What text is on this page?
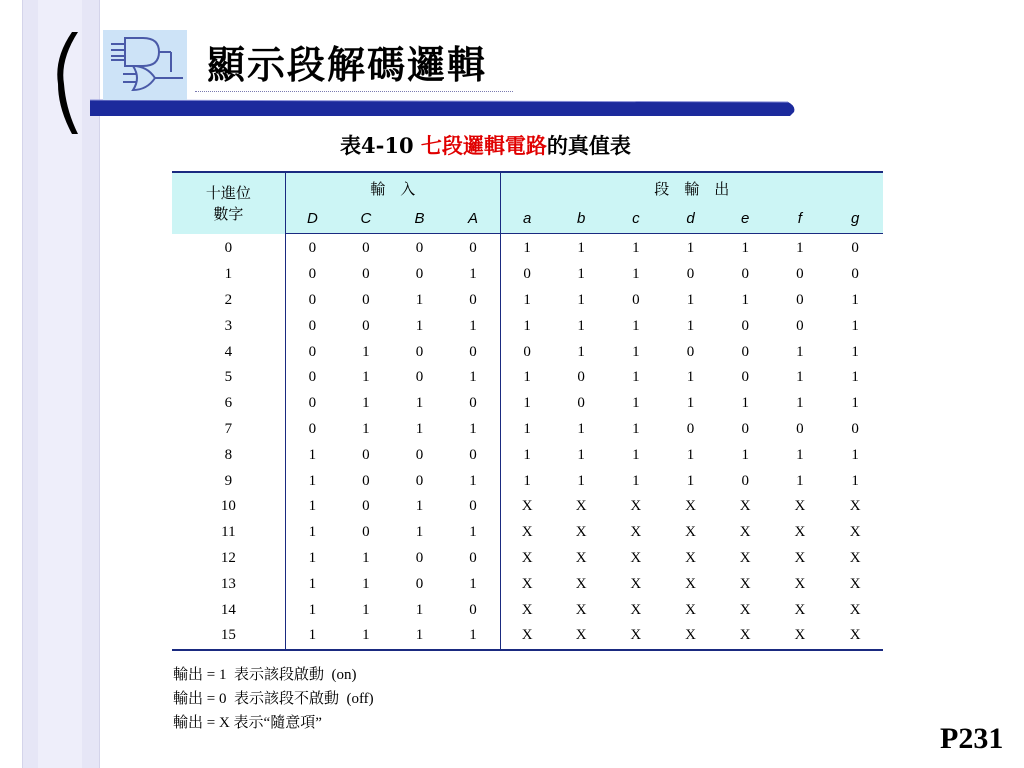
顯示段解碼邏輯
表4-10 七段邏輯電路的真值表
十進位
數字	輸　入				段　輸　出						
	D	C	B	A	a	b	c	d	e	f	g
0	0	0	0	0	1	1	1	1	1	1	0
1	0	0	0	1	0	1	1	0	0	0	0
2	0	0	1	0	1	1	0	1	1	0	1
3	0	0	1	1	1	1	1	1	0	0	1
4	0	1	0	0	0	1	1	0	0	1	1
5	0	1	0	1	1	0	1	1	0	1	1
6	0	1	1	0	1	0	1	1	1	1	1
7	0	1	1	1	1	1	1	0	0	0	0
8	1	0	0	0	1	1	1	1	1	1	1
9	1	0	0	1	1	1	1	1	0	1	1
10	1	0	1	0	X	X	X	X	X	X	X
11	1	0	1	1	X	X	X	X	X	X	X
12	1	1	0	0	X	X	X	X	X	X	X
13	1	1	0	1	X	X	X	X	X	X	X
14	1	1	1	0	X	X	X	X	X	X	X
15	1	1	1	1	X	X	X	X	X	X	X
輸出 = 1  表示該段啟動  (on)
輸出 = 0  表示該段不啟動  (off)
輸出 = X 表示“隨意項”	P231
